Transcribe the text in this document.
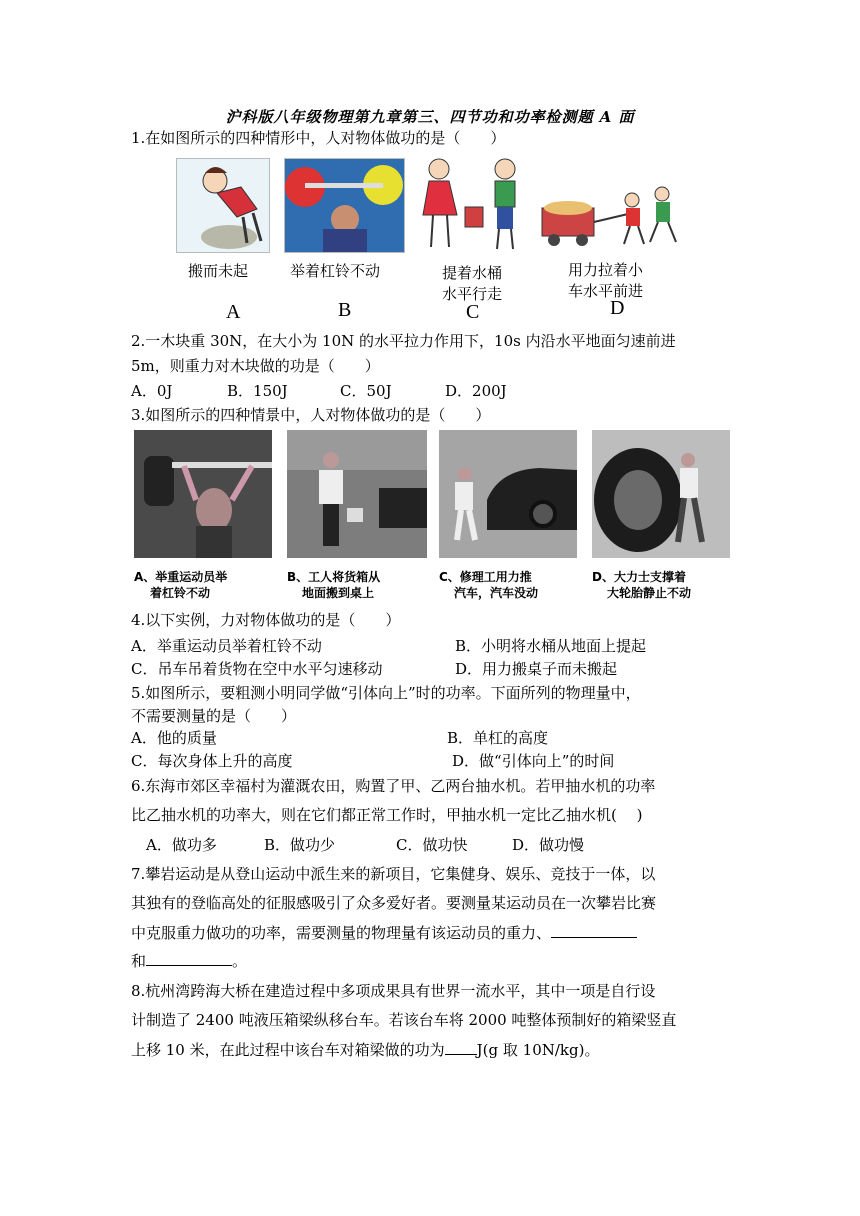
沪科版八年级物理第九章第三、四节功和功率检测题 A 面
1.在如图所示的四种情形中，人对物体做功的是（　　）
搬而未起	举着杠铃不动	提着水桶
水平行走
用力拉着小
车水平前进
A	B	C	D
2.一木块重 30N，在大小为 10N 的水平拉力作用下，10s 内沿水平地面匀速前进
5m，则重力对木块做的功是（　　）
A．0J	B．150J	C．50J	D．200J
3.如图所示的四种情景中，人对物体做功的是（　　）
A、举重运动员举
着杠铃不动
B、工人将货箱从
地面搬到桌上
C、修理工用力推
汽车，汽车没动
D、大力士支撑着
大轮胎静止不动
4.以下实例，力对物体做功的是（　　）
A．举重运动员举着杠铃不动	B．小明将水桶从地面上提起
C．吊车吊着货物在空中水平匀速移动	D．用力搬桌子而未搬起
5.如图所示，要粗测小明同学做“引体向上”时的功率。下面所列的物理量中，
不需要测量的是（　　）
A．他的质量	B．单杠的高度
C．每次身体上升的高度	D．做“引体向上”的时间
6.东海市郊区幸福村为灌溉农田，购置了甲、乙两台抽水机。若甲抽水机的功率
比乙抽水机的功率大，则在它们都正常工作时，甲抽水机一定比乙抽水机(　 )
A．做功多	B．做功少	C．做功快	D．做功慢
7.攀岩运动是从登山运动中派生来的新项目，它集健身、娱乐、竞技于一体，以
其独有的登临高处的征服感吸引了众多爱好者。要测量某运动员在一次攀岩比赛
中克服重力做功的功率，需要测量的物理量有该运动员的重力、
和	。
8.杭州湾跨海大桥在建造过程中多项成果具有世界一流水平，其中一项是自行设
计制造了 2400 吨液压箱梁纵移台车。若该台车将 2000 吨整体预制好的箱梁竖直
上移 10 米，在此过程中该台车对箱梁做的功为 J(g 取 10N/kg)。
